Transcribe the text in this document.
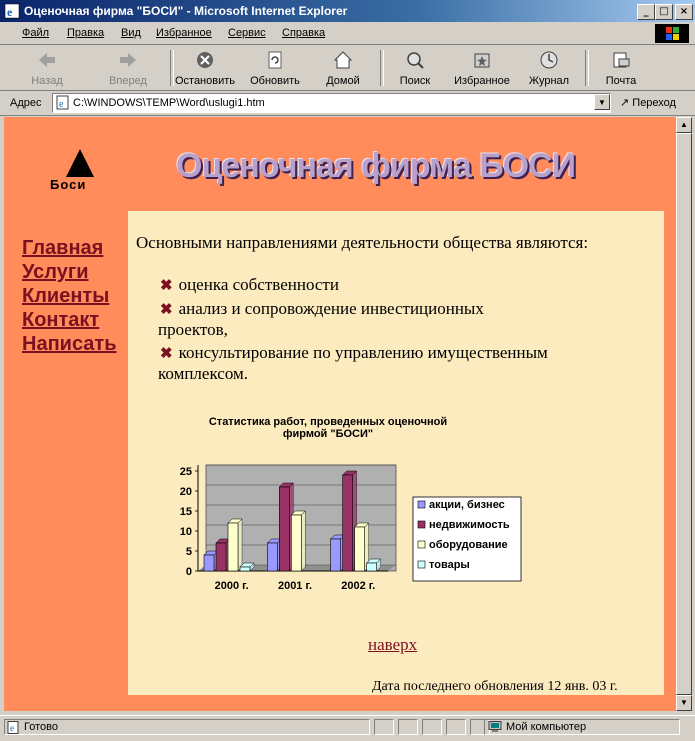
e Оценочная фирма "БОСИ" - Microsoft Internet Explorer	_	□	×
Файл Правка Вид Избранное Сервис Справка
Назад	Вперед	Остановить	Обновить	Домой	Поиск	Избранное	Журнал	Почта
Адрес e C:\WINDOWS\TEMP\Word\uslugi1.htm	▼	↗ Переход
Боси	Оценочная фирма БОСИ
Главная
Услуги
Клиенты
Контакт
Написать
Основными направлениями деятельности общества являются:
✖ оценка собственности
✖ анализ и сопровождение инвестиционных
проектов,
✖ консультирование по управлению имущественным
комплексом.
Статистика работ, проведенных оценочной
фирмой "БОСИ"
0
5
10
15
20
25
2000 г.	2001 г.	2002 г.
акции, бизнес
недвижимость
оборудование
товары
наверх
Дата последнего обновления 12 янв. 03 г.
▲
▼
e Готово	Мой компьютер
